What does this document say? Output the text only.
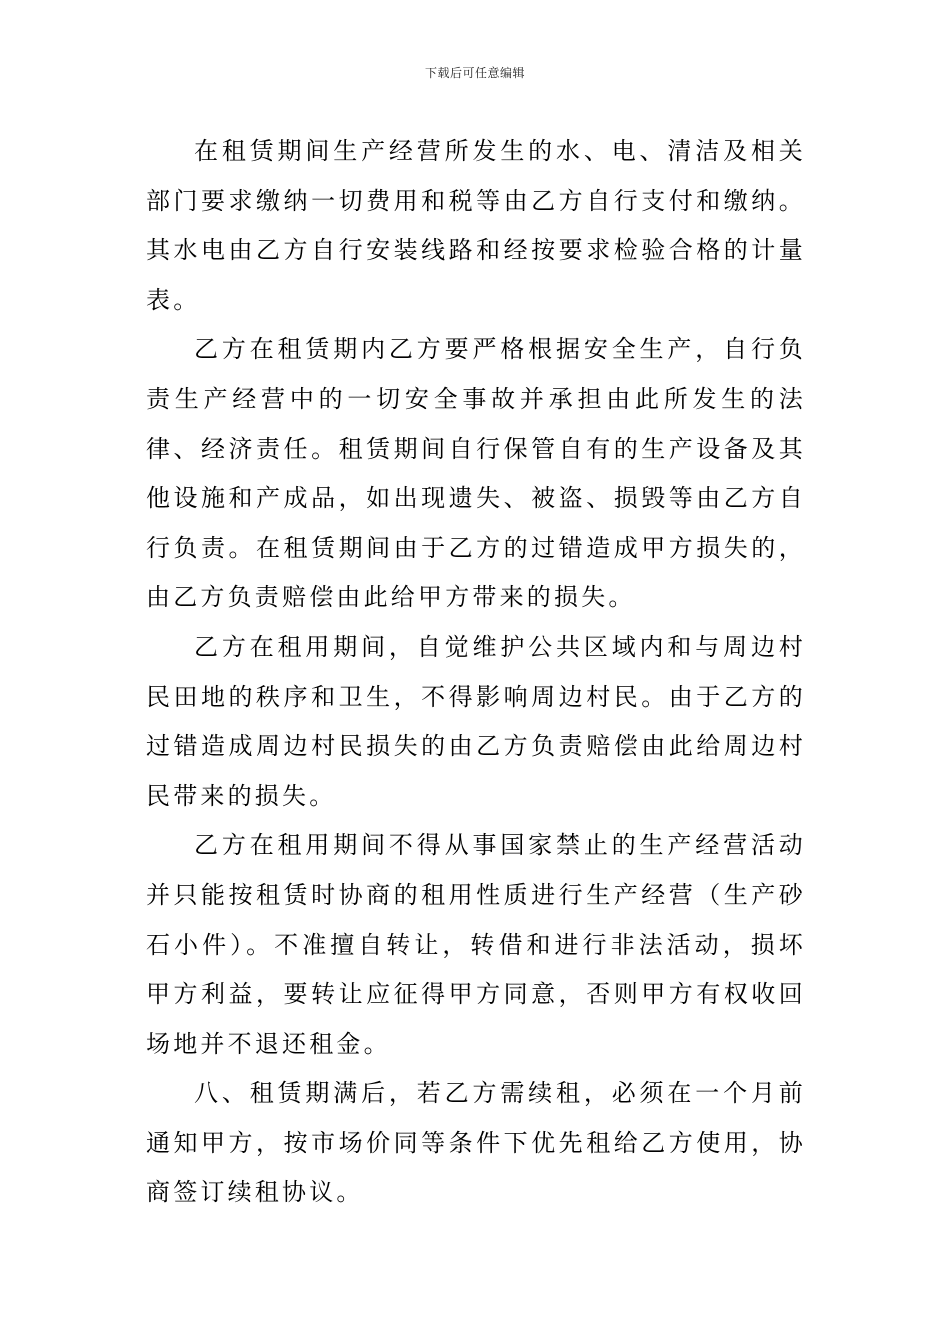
下载后可任意编辑

在租赁期间生产经营所发生的水、电、清洁及相关部门要求缴纳一切费用和税等由乙方自行支付和缴纳。其水电由乙方自行安装线路和经按要求检验合格的计量表。

乙方在租赁期内乙方要严格根据安全生产，自行负责生产经营中的一切安全事故并承担由此所发生的法律、经济责任。租赁期间自行保管自有的生产设备及其他设施和产成品，如出现遗失、被盗、损毁等由乙方自行负责。在租赁期间由于乙方的过错造成甲方损失的，由乙方负责赔偿由此给甲方带来的损失。

乙方在租用期间，自觉维护公共区域内和与周边村民田地的秩序和卫生，不得影响周边村民。由于乙方的过错造成周边村民损失的由乙方负责赔偿由此给周边村民带来的损失。

乙方在租用期间不得从事国家禁止的生产经营活动并只能按租赁时协商的租用性质进行生产经营（生产砂石小件）。不准擅自转让，转借和进行非法活动，损坏甲方利益，要转让应征得甲方同意，否则甲方有权收回场地并不退还租金。

八、租赁期满后，若乙方需续租，必须在一个月前通知甲方，按市场价同等条件下优先租给乙方使用，协商签订续租协议。
